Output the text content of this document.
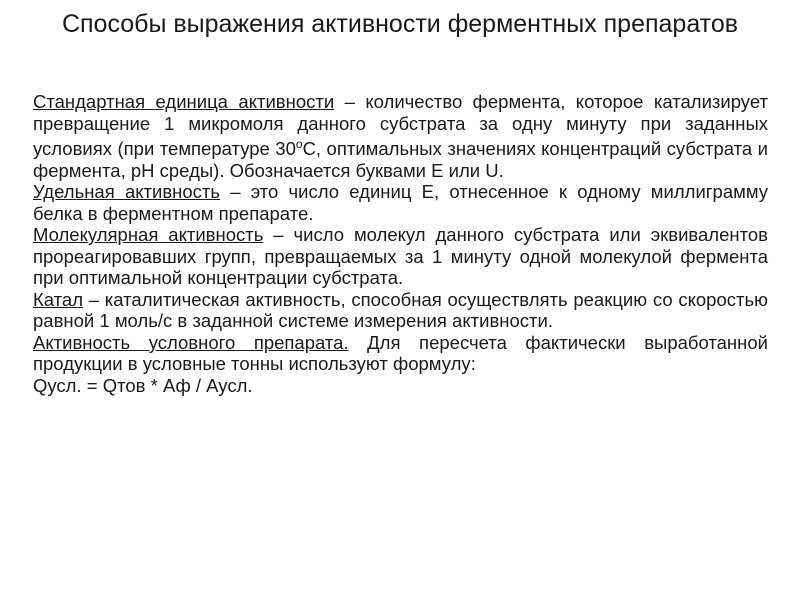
Способы выражения активности ферментных препаратов

Стандартная единица активности – количество фермента, которое катализирует превращение 1 микромоля данного субстрата за одну минуту при заданных условиях (при температуре $30^оС$, оптимальных значениях концентраций субстрата и фермента, pH среды). Обозначается буквами Е или U.

Удельная активность – это число единиц Е, отнесенное к одному миллиграмму белка в ферментном препарате.

Молекулярная активность – число молекул данного субстрата или эквивалентов прореагировавших групп, превращаемых за 1 минуту одной молекулой фермента при оптимальной концентрации субстрата.

Катал – каталитическая активность, способная осуществлять реакцию со скоростью равной 1 моль/с в заданной системе измерения активности.

Активность условного препарата. Для пересчета фактически выработанной продукции в условные тонны используют формулу:

Qусл. = Qтов * Аф / Аусл.
